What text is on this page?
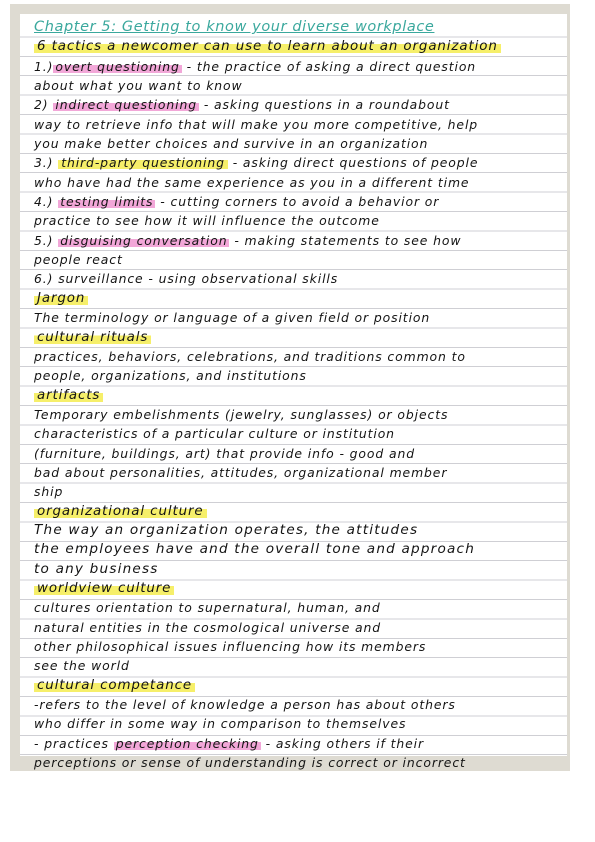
Chapter 5: Getting to know your diverse workplace
6 tactics a newcomer can use to learn about an organization
1.) overt questioning - the practice of asking a direct question
about what you want to know
2) indirect questioning - asking questions in a roundabout
way to retrieve info that will make you more competitive, help
you make better choices and survive in an organization
3.) third-party questioning - asking direct questions of people
who have had the same experience as you in a different time
4.) testing limits - cutting corners to avoid a behavior or
practice to see how it will influence the outcome
5.) disguising conversation - making statements to see how
people react
6.) surveillance - using observational skills
Jargon
The terminology or language of a given field or position
cultural rituals
practices, behaviors, celebrations, and traditions common to
people, organizations, and institutions
artifacts
Temporary embelishments (jewelry, sunglasses) or objects
characteristics of a particular culture or institution
(furniture, buildings, art) that provide info - good and
bad about personalities, attitudes, organizational member
ship
organizational culture
The way an organization operates, the attitudes
the employees have and the overall tone and approach
to any business
worldview culture
cultures orientation to supernatural, human, and
natural entities in the cosmological universe and
other philosophical issues influencing how its members
see the world
cultural competance
-refers to the level of knowledge a person has about others
who differ in some way in comparison to themselves
- practices perception checking - asking others if their
perceptions or sense of understanding is correct or incorrect
